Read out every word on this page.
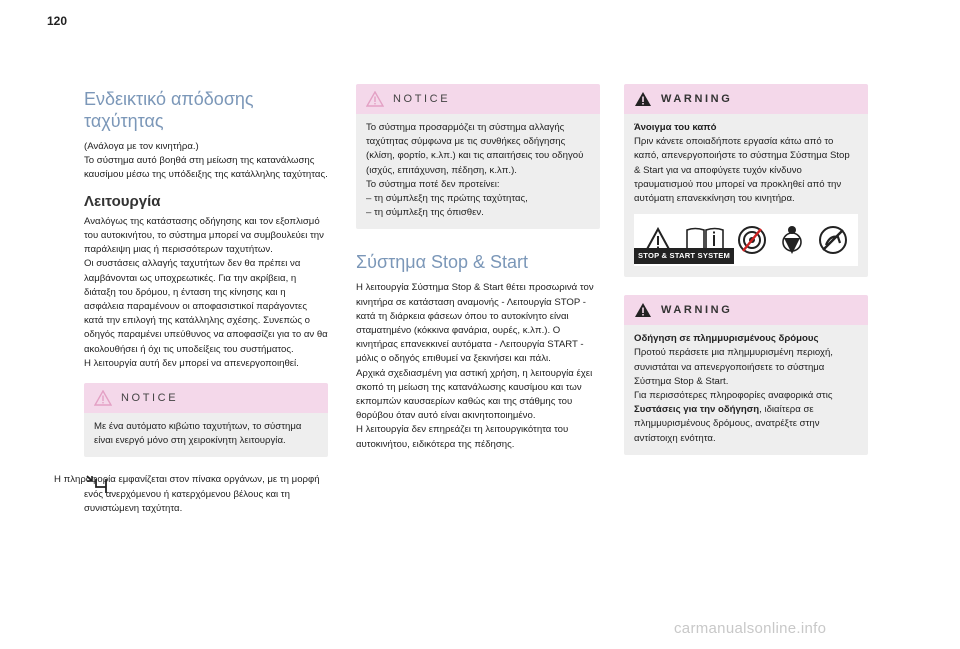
120
Ενδεικτικό απόδοσης ταχύτητας

(Ανάλογα με τον κινητήρα.)
Το σύστημα αυτό βοηθά στη μείωση της κατανάλωσης καυσίμου μέσω της υπόδειξης της κατάλληλης ταχύτητας.

Λειτουργία

Αναλόγως της κατάστασης οδήγησης και τον εξοπλισμό του αυτοκινήτου, το σύστημα μπορεί να συμβουλεύει την παράλειψη μιας ή περισσότερων ταχυτήτων.
Οι συστάσεις αλλαγής ταχυτήτων δεν θα πρέπει να λαμβάνονται ως υποχρεωτικές. Για την ακρίβεια, η διάταξη του δρόμου, η ένταση της κίνησης και η ασφάλεια παραμένουν οι αποφασιστικοί παράγοντες κατά την επιλογή της κατάλληλης σχέσης. Συνεπώς ο οδηγός παραμένει υπεύθυνος να αποφασίζει για το αν θα ακολουθήσει ή όχι τις υποδείξεις του συστήματος.
Η λειτουργία αυτή δεν μπορεί να απενεργοποιηθεί.

NOTICE

Με ένα αυτόματο κιβώτιο ταχυτήτων, το σύστημα είναι ενεργό μόνο στη χειροκίνητη λειτουργία.

Η πληροφορία εμφανίζεται στον πίνακα οργάνων, με τη μορφή ενός ανερχόμενου ή κατερχόμενου βέλους και τη συνιστώμενη ταχύτητα.

NOTICE

Το σύστημα προσαρμόζει τη σύστημα αλλαγής ταχύτητας σύμφωνα με τις συνθήκες οδήγησης (κλίση, φορτίο, κ.λπ.) και τις απαιτήσεις του οδηγού (ισχύς, επιτάχυνση, πέδηση, κ.λπ.).
Το σύστημα ποτέ δεν προτείνει:
– τη σύμπλεξη της πρώτης ταχύτητας,
– τη σύμπλεξη της όπισθεν.

Σύστημα Stop & Start

Η λειτουργία Σύστημα Stop & Start θέτει προσωρινά τον κινητήρα σε κατάσταση αναμονής - Λειτουργία STOP - κατά τη διάρκεια φάσεων όπου το αυτοκίνητο είναι σταματημένο (κόκκινα φανάρια, ουρές, κ.λπ.). Ο κινητήρας επανεκκινεί αυτόματα - Λειτουργία START - μόλις ο οδηγός επιθυμεί να ξεκινήσει και πάλι.
Αρχικά σχεδιασμένη για αστική χρήση, η λειτουργία έχει σκοπό τη μείωση της κατανάλωσης καυσίμου και των εκπομπών καυσαερίων καθώς και της στάθμης του θορύβου όταν αυτό είναι ακινητοποιημένο.
Η λειτουργία δεν επηρεάζει τη λειτουργικότητα του αυτοκινήτου, ειδικότερα της πέδησης.

WARNING

Άνοιγμα του καπό

Πριν κάνετε οποιαδήποτε εργασία κάτω από το καπό, απενεργοποιήστε το σύστημα Σύστημα Stop & Start για να αποφύγετε τυχόν κίνδυνο τραυματισμού που μπορεί να προκληθεί από την αυτόματη επανεκκίνηση του κινητήρα.

STOP & START SYSTEM
WARNING

Οδήγηση σε πλημμυρισμένους δρόμους

Προτού περάσετε μια πλημμυρισμένη περιοχή, συνιστάται να απενεργοποιήσετε το σύστημα Σύστημα Stop & Start.
Για περισσότερες πληροφορίες αναφορικά στις Συστάσεις για την οδήγηση, ιδιαίτερα σε πλημμυρισμένους δρόμους, ανατρέξτε στην αντίστοιχη ενότητα.

carmanualsonline.info
